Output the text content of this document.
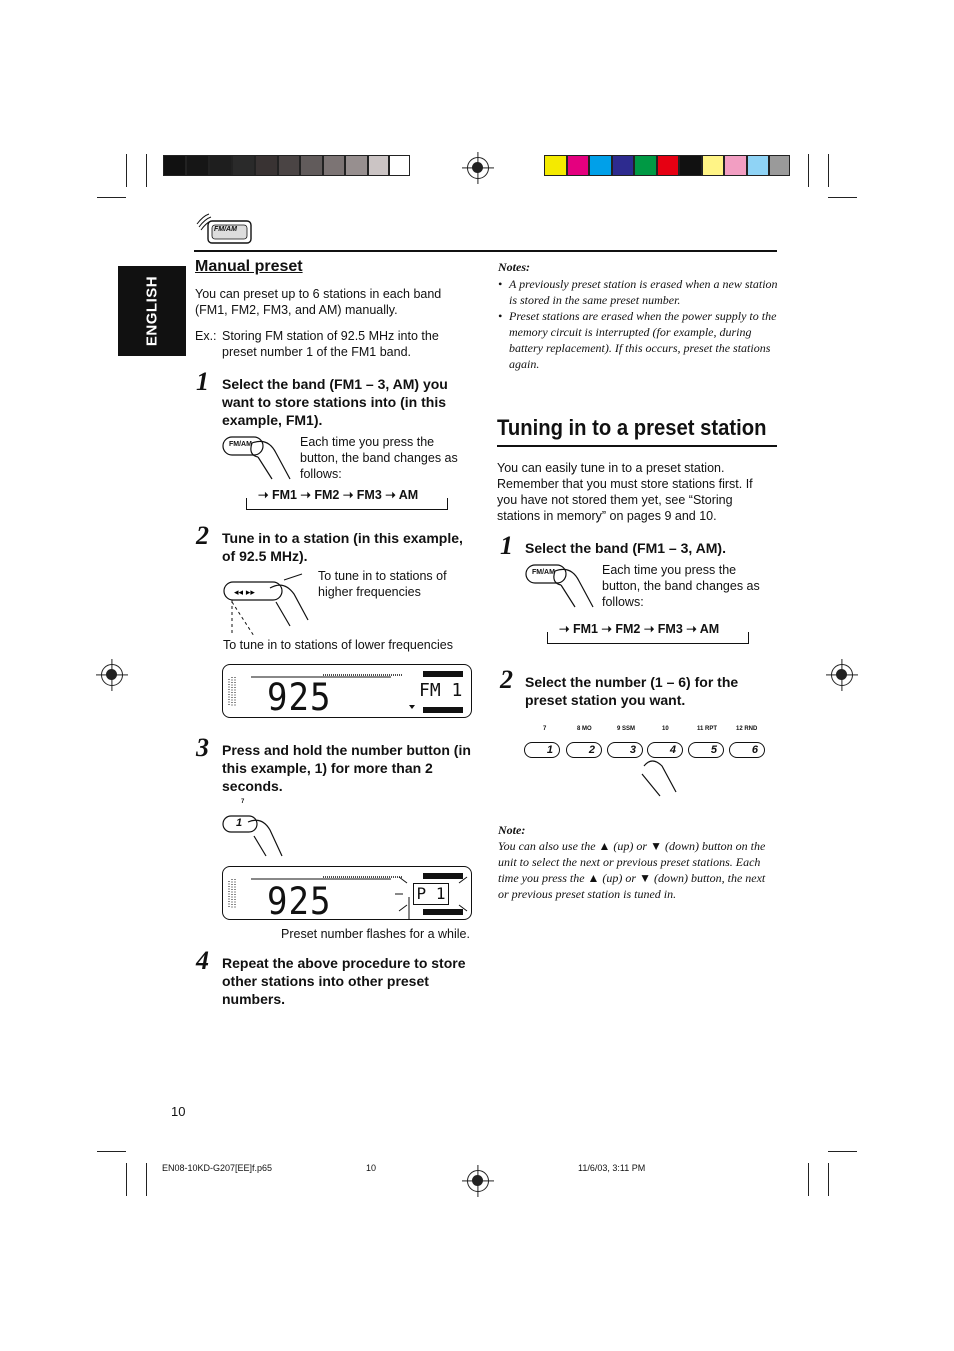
FM/AM
ENGLISH
Manual preset
You can preset up to 6 stations in each band (FM1, FM2, FM3, and AM) manually.
Ex.: Storing FM station of 92.5 MHz into the preset number 1 of the FM1 band.
1 Select the band (FM1 – 3, AM) you want to store stations into (in this example, FM1).
FM/AM	Each time you press the button, the band changes as follows:
➝ FM1 ➝ FM2 ➝ FM3 ➝ AM
2 Tune in to a station (in this example, of 92.5 MHz).
◂◂ ▸▸
To tune in to stations of higher frequencies
To tune in to stations of lower frequencies
925	FM 1
3 Press and hold the number button (in this example, 1) for more than 2 seconds.
7
1
925	P 1
Preset number flashes for a while.
4 Repeat the above procedure to store other stations into other preset numbers.
Notes:
• A previously preset station is erased when a new station is stored in the same preset number.
• Preset stations are erased when the power supply to the memory circuit is interrupted (for example, during battery replacement). If this occurs, preset the stations again.
Tuning in to a preset station
You can easily tune in to a preset station. Remember that you must store stations first. If you have not stored them yet, see “Storing stations in memory” on pages 9 and 10.
1 Select the band (FM1 – 3, AM).
FM/AM	Each time you press the button, the band changes as follows:
➝ FM1 ➝ FM2 ➝ FM3 ➝ AM
2 Select the number (1 – 6) for the preset station you want.
7	8 MO	9 SSM	10	11 RPT	12 RND
1	2	3	4	5	6
Note:
You can also use the ▲ (up) or ▼ (down) button on the unit to select the next or previous preset stations. Each time you press the ▲ (up) or ▼ (down) button, the next or previous preset station is tuned in.
10
EN08-10KD-G207[EE]f.p65	10	11/6/03, 3:11 PM
